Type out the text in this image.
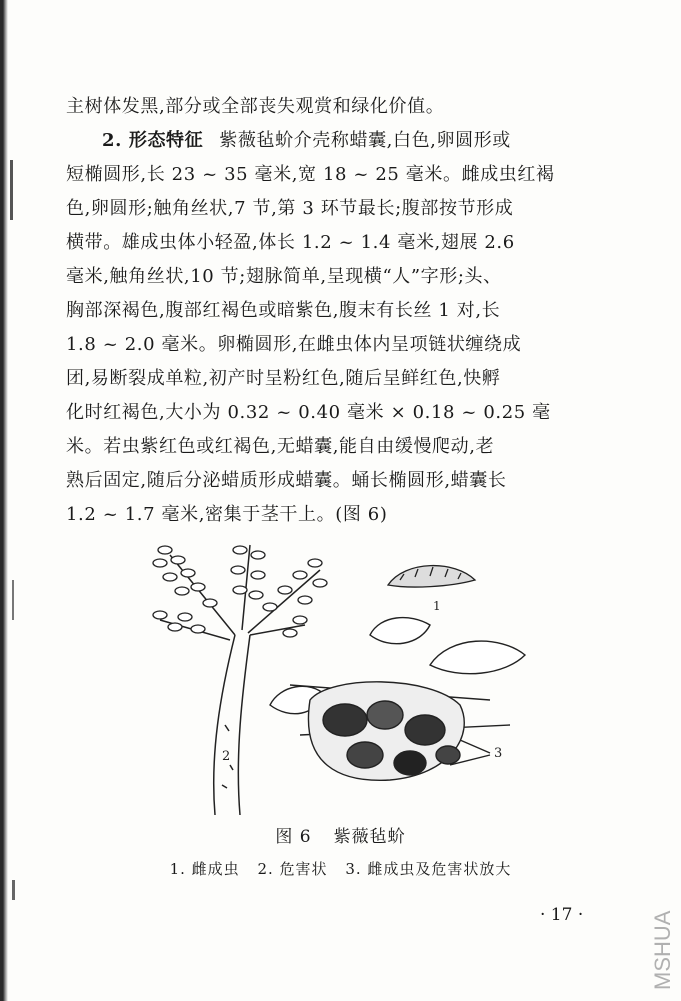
主树体发黑,部分或全部丧失观赏和绿化价值。
2. 形态特征 紫薇毡蚧介壳称蜡囊,白色,卵圆形或
短椭圆形,长 23 ~ 35 毫米,宽 18 ~ 25 毫米。雌成虫红褐
色,卵圆形;触角丝状,7 节,第 3 环节最长;腹部按节形成
横带。雄成虫体小轻盈,体长 1.2 ~ 1.4 毫米,翅展 2.6
毫米,触角丝状,10 节;翅脉简单,呈现横“人”字形;头、
胸部深褐色,腹部红褐色或暗紫色,腹末有长丝 1 对,长
1.8 ~ 2.0 毫米。卵椭圆形,在雌虫体内呈项链状缠绕成
团,易断裂成单粒,初产时呈粉红色,随后呈鲜红色,快孵
化时红褐色,大小为 0.32 ~ 0.40 毫米 × 0.18 ~ 0.25 毫
米。若虫紫红色或红褐色,无蜡囊,能自由缓慢爬动,老
熟后固定,随后分泌蜡质形成蜡囊。蛹长椭圆形,蜡囊长
1.2 ~ 1.7 毫米,密集于茎干上。(图 6)
1
3
2
图 6 紫薇毡蚧
1. 雌成虫 2. 危害状 3. 雌成虫及危害状放大
· 17 ·	MSHUA
